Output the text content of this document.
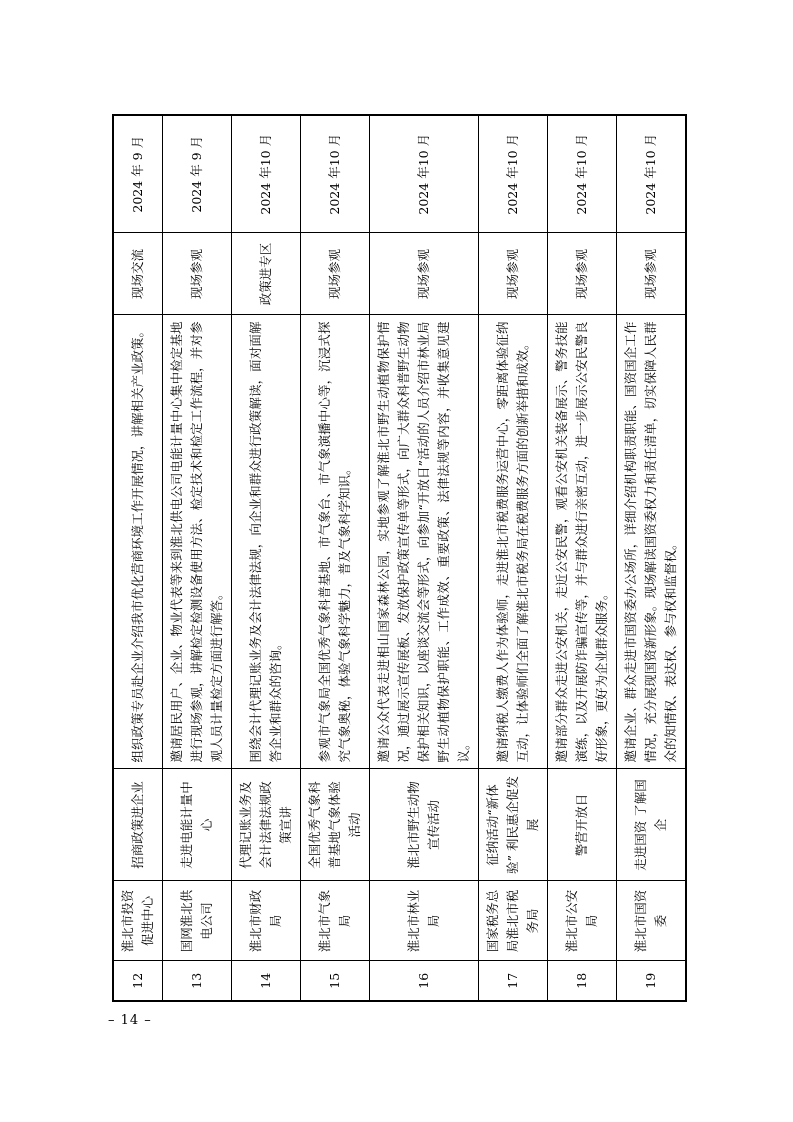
12	淮北市投资促进中心	招商政策进企业	组织政策专员赴企业介绍我市优化营商环境工作开展情况，讲解相关产业政策。	现场交流	2024 年 9 月
13	国网淮北供电公司	走进电能计量中心	邀请居民用户、企业、物业代表等来到淮北供电公司电能计量中心集中检定基地进行现场参观，讲解检定检测设备使用方法、检定技术和检定工作流程，并对参观人员计量检定方面进行解答。	现场参观	2024 年 9 月
14	淮北市财政局	代理记账业务及会计法律法规政策宣讲	围绕会计代理记账业务及会计法律法规，向企业和群众进行政策解读，面对面解答企业和群众的咨询。	政策进专区	2024 年10 月
15	淮北市气象局	全国优秀气象科普基地气象体验活动	参观市气象局全国优秀气象科普基地、市气象台、市气象演播中心等，沉浸式探究气象奥秘，体验气象科学魅力，普及气象科学知识。	现场参观	2024 年10 月
16	淮北市林业局	淮北市野生动物宣传活动	邀请公众代表走进相山国家森林公园，实地参观了解淮北市野生动植物保护情况，通过展示宣传展板、发放保护政策宣传单等形式，向广大群众科普野生动物保护相关知识，以座谈交流会等形式，向参加“开放日”活动的人员介绍市林业局野生动植物保护职能、工作成效、重要政策、法律法规等内容，并收集意见建议。	现场参观	2024 年10 月
17	国家税务总局淮北市税务局	征纳活动“新体验” 利民惠企促发展	邀请纳税人缴费人作为体验师，走进淮北市税费服务运营中心，零距离体验征纳互动，让体验师们全面了解淮北市税务局在税费服务方面的创新举措和成效。	现场参观	2024 年10 月
18	淮北市公安局	警营开放日	邀请部分群众走进公安机关，走近公安民警，观看公安机关装备展示、警务技能演练，以及开展防诈骗宣传等，并与群众进行亲密互动，进一步展示公安民警良好形象，更好为企业群众服务。	现场参观	2024 年10 月
19	淮北市国资委	走进国资 了解国企	邀请企业、群众走进市国资委办公场所，详细介绍机构职责职能、国资国企工作情况，充分展现国资新形象。现场解读国资委权力和责任清单，切实保障人民群众的知情权、表达权、参与权和监督权。	现场参观	2024 年10 月
– 14 –
